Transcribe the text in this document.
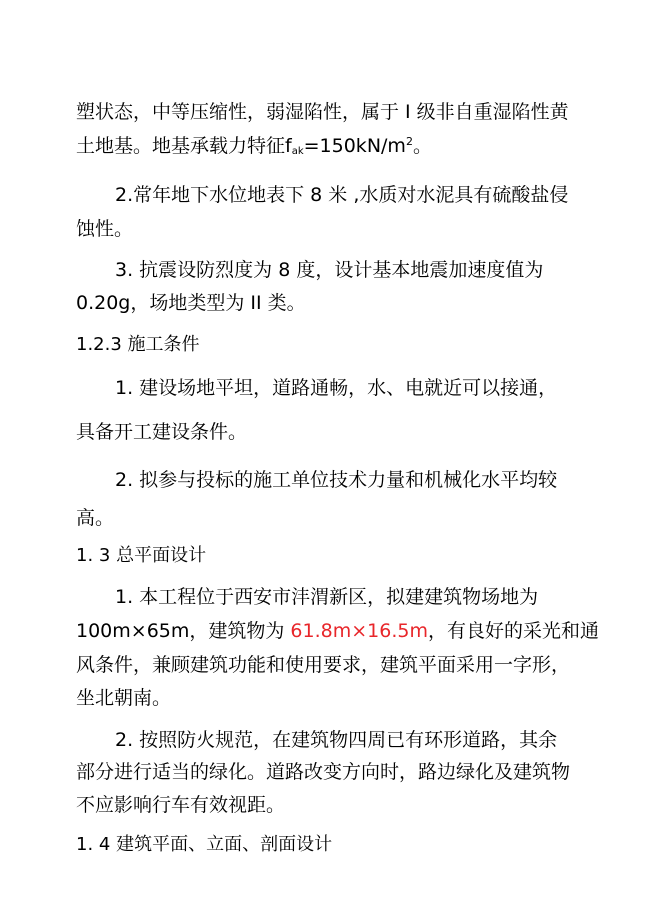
塑状态，中等压缩性，弱湿陷性，属于 I 级非自重湿陷性黄
土地基。地基承载力特征$f_{ak}=150kN/m^2$。
2.常年地下水位地表下 8 米 ,水质对水泥具有硫酸盐侵
蚀性。
3. 抗震设防烈度为 8 度，设计基本地震加速度值为
0.20g，场地类型为 II 类。
1.2.3 施工条件
1. 建设场地平坦，道路通畅，水、电就近可以接通，
具备开工建设条件。
2. 拟参与投标的施工单位技术力量和机械化水平均较
高。
1. 3 总平面设计
1. 本工程位于西安市沣渭新区，拟建建筑物场地为
100m×65m，建筑物为 61.8m×16.5m，有良好的采光和通
风条件，兼顾建筑功能和使用要求，建筑平面采用一字形，
坐北朝南。
2. 按照防火规范，在建筑物四周已有环形道路，其余
部分进行适当的绿化。道路改变方向时，路边绿化及建筑物
不应影响行车有效视距。
1. 4 建筑平面、立面、剖面设计
